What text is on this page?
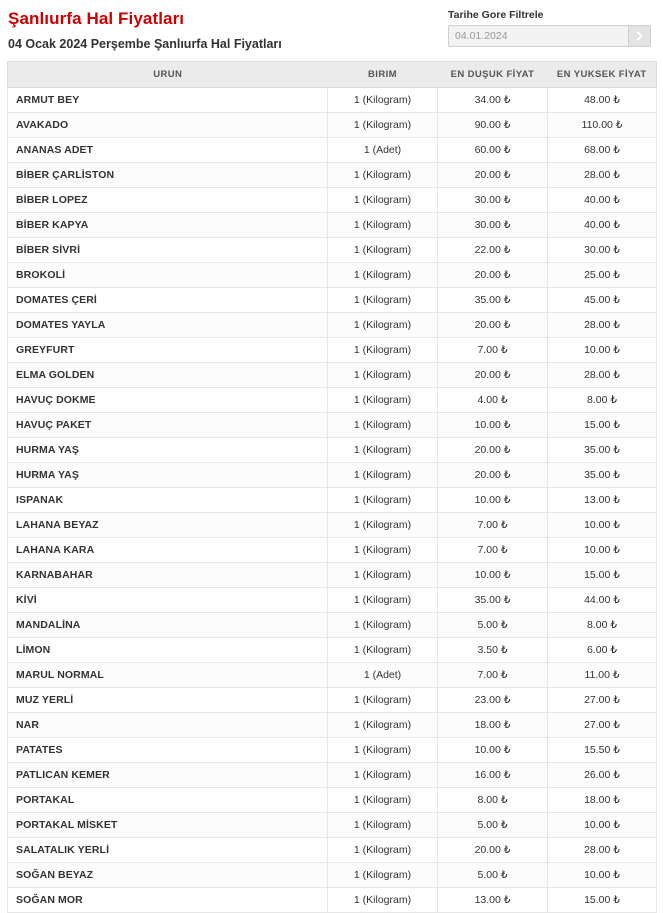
Şanlıurfa Hal Fiyatları
04 Ocak 2024 Perşembe Şanlıurfa Hal Fiyatları
Tarihe Gore Filtrele
04.01.2024
URUN	BIRIM	EN DUŞUK FİYAT	EN YUKSEK FİYAT
ARMUT BEY	1 (Kilogram)	34.00 ₺	48.00 ₺
AVAKADO	1 (Kilogram)	90.00 ₺	110.00 ₺
ANANAS ADET	1 (Adet)	60.00 ₺	68.00 ₺
BİBER ÇARLİSTON	1 (Kilogram)	20.00 ₺	28.00 ₺
BİBER LOPEZ	1 (Kilogram)	30.00 ₺	40.00 ₺
BİBER KAPYA	1 (Kilogram)	30.00 ₺	40.00 ₺
BİBER SİVRİ	1 (Kilogram)	22.00 ₺	30.00 ₺
BROKOLİ	1 (Kilogram)	20.00 ₺	25.00 ₺
DOMATES ÇERİ	1 (Kilogram)	35.00 ₺	45.00 ₺
DOMATES YAYLA	1 (Kilogram)	20.00 ₺	28.00 ₺
GREYFURT	1 (Kilogram)	7.00 ₺	10.00 ₺
ELMA GOLDEN	1 (Kilogram)	20.00 ₺	28.00 ₺
HAVUÇ DOKME	1 (Kilogram)	4.00 ₺	8.00 ₺
HAVUÇ PAKET	1 (Kilogram)	10.00 ₺	15.00 ₺
HURMA YAŞ	1 (Kilogram)	20.00 ₺	35.00 ₺
HURMA YAŞ	1 (Kilogram)	20.00 ₺	35.00 ₺
ISPANAK	1 (Kilogram)	10.00 ₺	13.00 ₺
LAHANA BEYAZ	1 (Kilogram)	7.00 ₺	10.00 ₺
LAHANA KARA	1 (Kilogram)	7.00 ₺	10.00 ₺
KARNABAHAR	1 (Kilogram)	10.00 ₺	15.00 ₺
KİVİ	1 (Kilogram)	35.00 ₺	44.00 ₺
MANDALİNA	1 (Kilogram)	5.00 ₺	8.00 ₺
LİMON	1 (Kilogram)	3.50 ₺	6.00 ₺
MARUL NORMAL	1 (Adet)	7.00 ₺	11.00 ₺
MUZ YERLİ	1 (Kilogram)	23.00 ₺	27.00 ₺
NAR	1 (Kilogram)	18.00 ₺	27.00 ₺
PATATES	1 (Kilogram)	10.00 ₺	15.50 ₺
PATLICAN KEMER	1 (Kilogram)	16.00 ₺	26.00 ₺
PORTAKAL	1 (Kilogram)	8.00 ₺	18.00 ₺
PORTAKAL MİSKET	1 (Kilogram)	5.00 ₺	10.00 ₺
SALATALIK YERLİ	1 (Kilogram)	20.00 ₺	28.00 ₺
SOĞAN BEYAZ	1 (Kilogram)	5.00 ₺	10.00 ₺
SOĞAN MOR	1 (Kilogram)	13.00 ₺	15.00 ₺
